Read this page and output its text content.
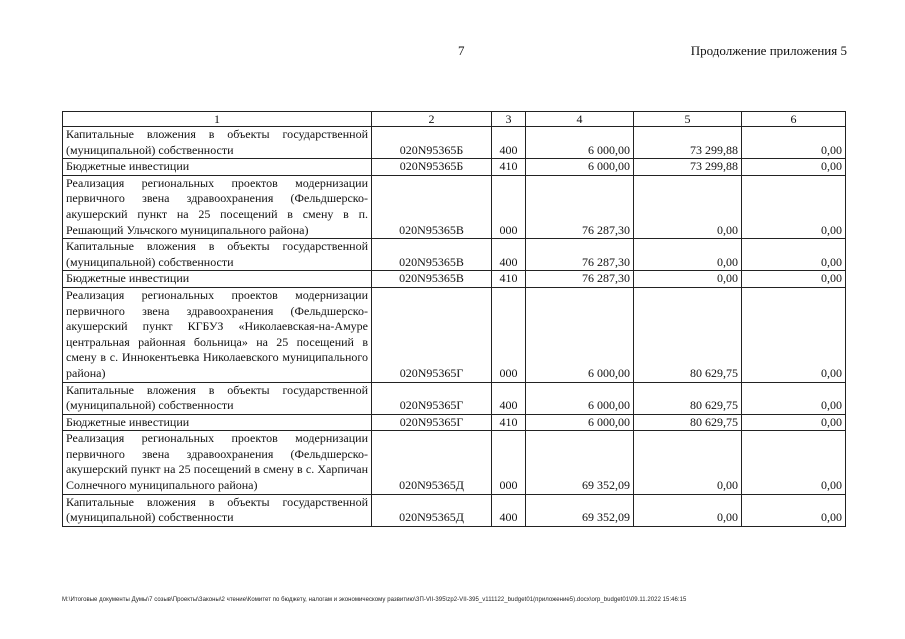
7	Продолжение приложения 5
1	2	3	4	5	6
Капитальные вложения в объекты государственной (муниципальной) собственности	020N95365Б	400	6 000,00	73 299,88	0,00
Бюджетные инвестиции	020N95365Б	410	6 000,00	73 299,88	0,00
Реализация региональных проектов модернизации первичного звена здравоохранения (Фельдшерско-акушерский пункт на 25 посещений в смену в п. Решающий Ульчского муниципального района)	020N95365В	000	76 287,30	0,00	0,00
Капитальные вложения в объекты государственной (муниципальной) собственности	020N95365В	400	76 287,30	0,00	0,00
Бюджетные инвестиции	020N95365В	410	76 287,30	0,00	0,00
Реализация региональных проектов модернизации первичного звена здравоохранения (Фельдшерско-акушерский пункт КГБУЗ «Николаевская-на-Амуре центральная районная больница» на 25 посещений в смену в с. Иннокентьевка Николаевского муниципального района)	020N95365Г	000	6 000,00	80 629,75	0,00
Капитальные вложения в объекты государственной (муниципальной) собственности	020N95365Г	400	6 000,00	80 629,75	0,00
Бюджетные инвестиции	020N95365Г	410	6 000,00	80 629,75	0,00
Реализация региональных проектов модернизации первичного звена здравоохранения (Фельдшерско-акушерский пункт на 25 посещений в смену в с. Харпичан Солнечного муниципального района)	020N95365Д	000	69 352,09	0,00	0,00
Капитальные вложения в объекты государственной (муниципальной) собственности	020N95365Д	400	69 352,09	0,00	0,00
M:\Итоговые документы Думы\7 созыв\Проекты\Законы\2 чтение\Комитет по бюджету, налогам и экономическому развитию\ЗП-VII-395\zp2-VII-395_v111122_budget01(приложение5).docx\orp_budget01\09.11.2022 15:46:15
